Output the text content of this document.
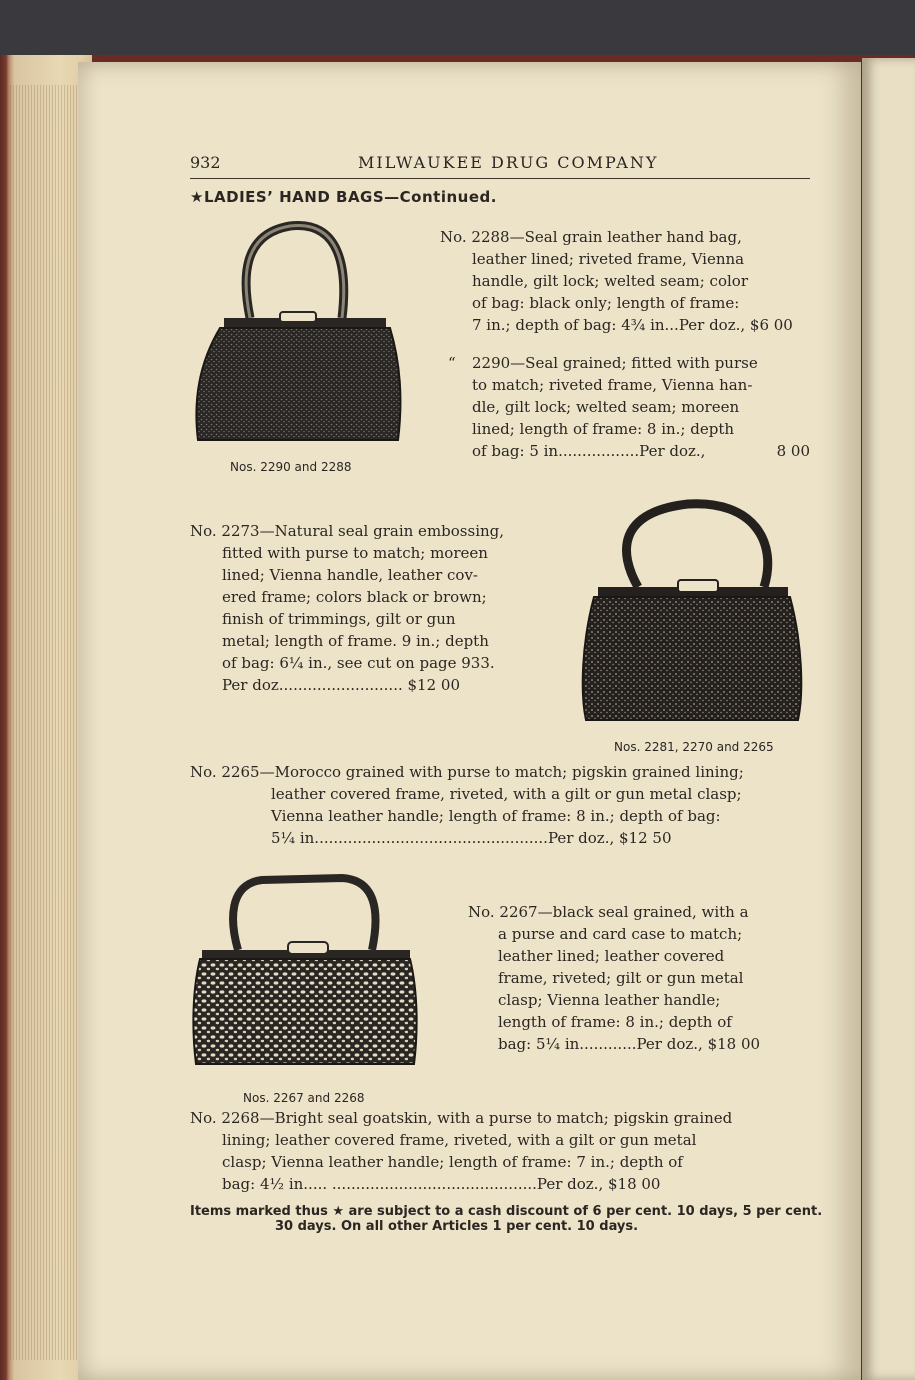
932	MILWAUKEE DRUG COMPANY
★LADIES’ HAND BAGS—Continued.
Nos. 2290 and 2288
No. 2288—Seal grain leather hand bag,
leather lined; riveted frame, Vienna
handle, gilt lock; welted seam; color
of bag: black only; length of frame:
7 in.; depth of bag: 4¾ in...Per doz., $6 00
“ 2290—Seal grained; fitted with purse
to match; riveted frame, Vienna han-
dle, gilt lock; welted seam; moreen
lined; length of frame: 8 in.; depth
of bag: 5 in.................Per doz.,	8 00
No. 2273—Natural seal grain embossing,
fitted with purse to match; moreen
lined; Vienna handle, leather cov-
ered frame; colors black or brown;
finish of trimmings, gilt or gun
metal; length of frame. 9 in.; depth
of bag: 6¼ in., see cut on page 933.
Per doz.......................... $12 00
Nos. 2281, 2270 and 2265
No. 2265—Morocco grained with purse to match; pigskin grained lining;
leather covered frame, riveted, with a gilt or gun metal clasp;
Vienna leather handle; length of frame: 8 in.; depth of bag:
5¼ in.................................................Per doz., $12 50
No. 2267—black seal grained, with a
a purse and card case to match;
leather lined; leather covered
frame, riveted; gilt or gun metal
clasp; Vienna leather handle;
length of frame: 8 in.; depth of
bag: 5¼ in............Per doz., $18 00
Nos. 2267 and 2268
No. 2268—Bright seal goatskin, with a purse to match; pigskin grained
lining; leather covered frame, riveted, with a gilt or gun metal
clasp; Vienna leather handle; length of frame: 7 in.; depth of
bag: 4½ in..... ...........................................Per doz., $18 00
Items marked thus ★ are subject to a cash discount of 6 per cent. 10 days, 5 per cent.
30 days. On all other Articles 1 per cent. 10 days.
